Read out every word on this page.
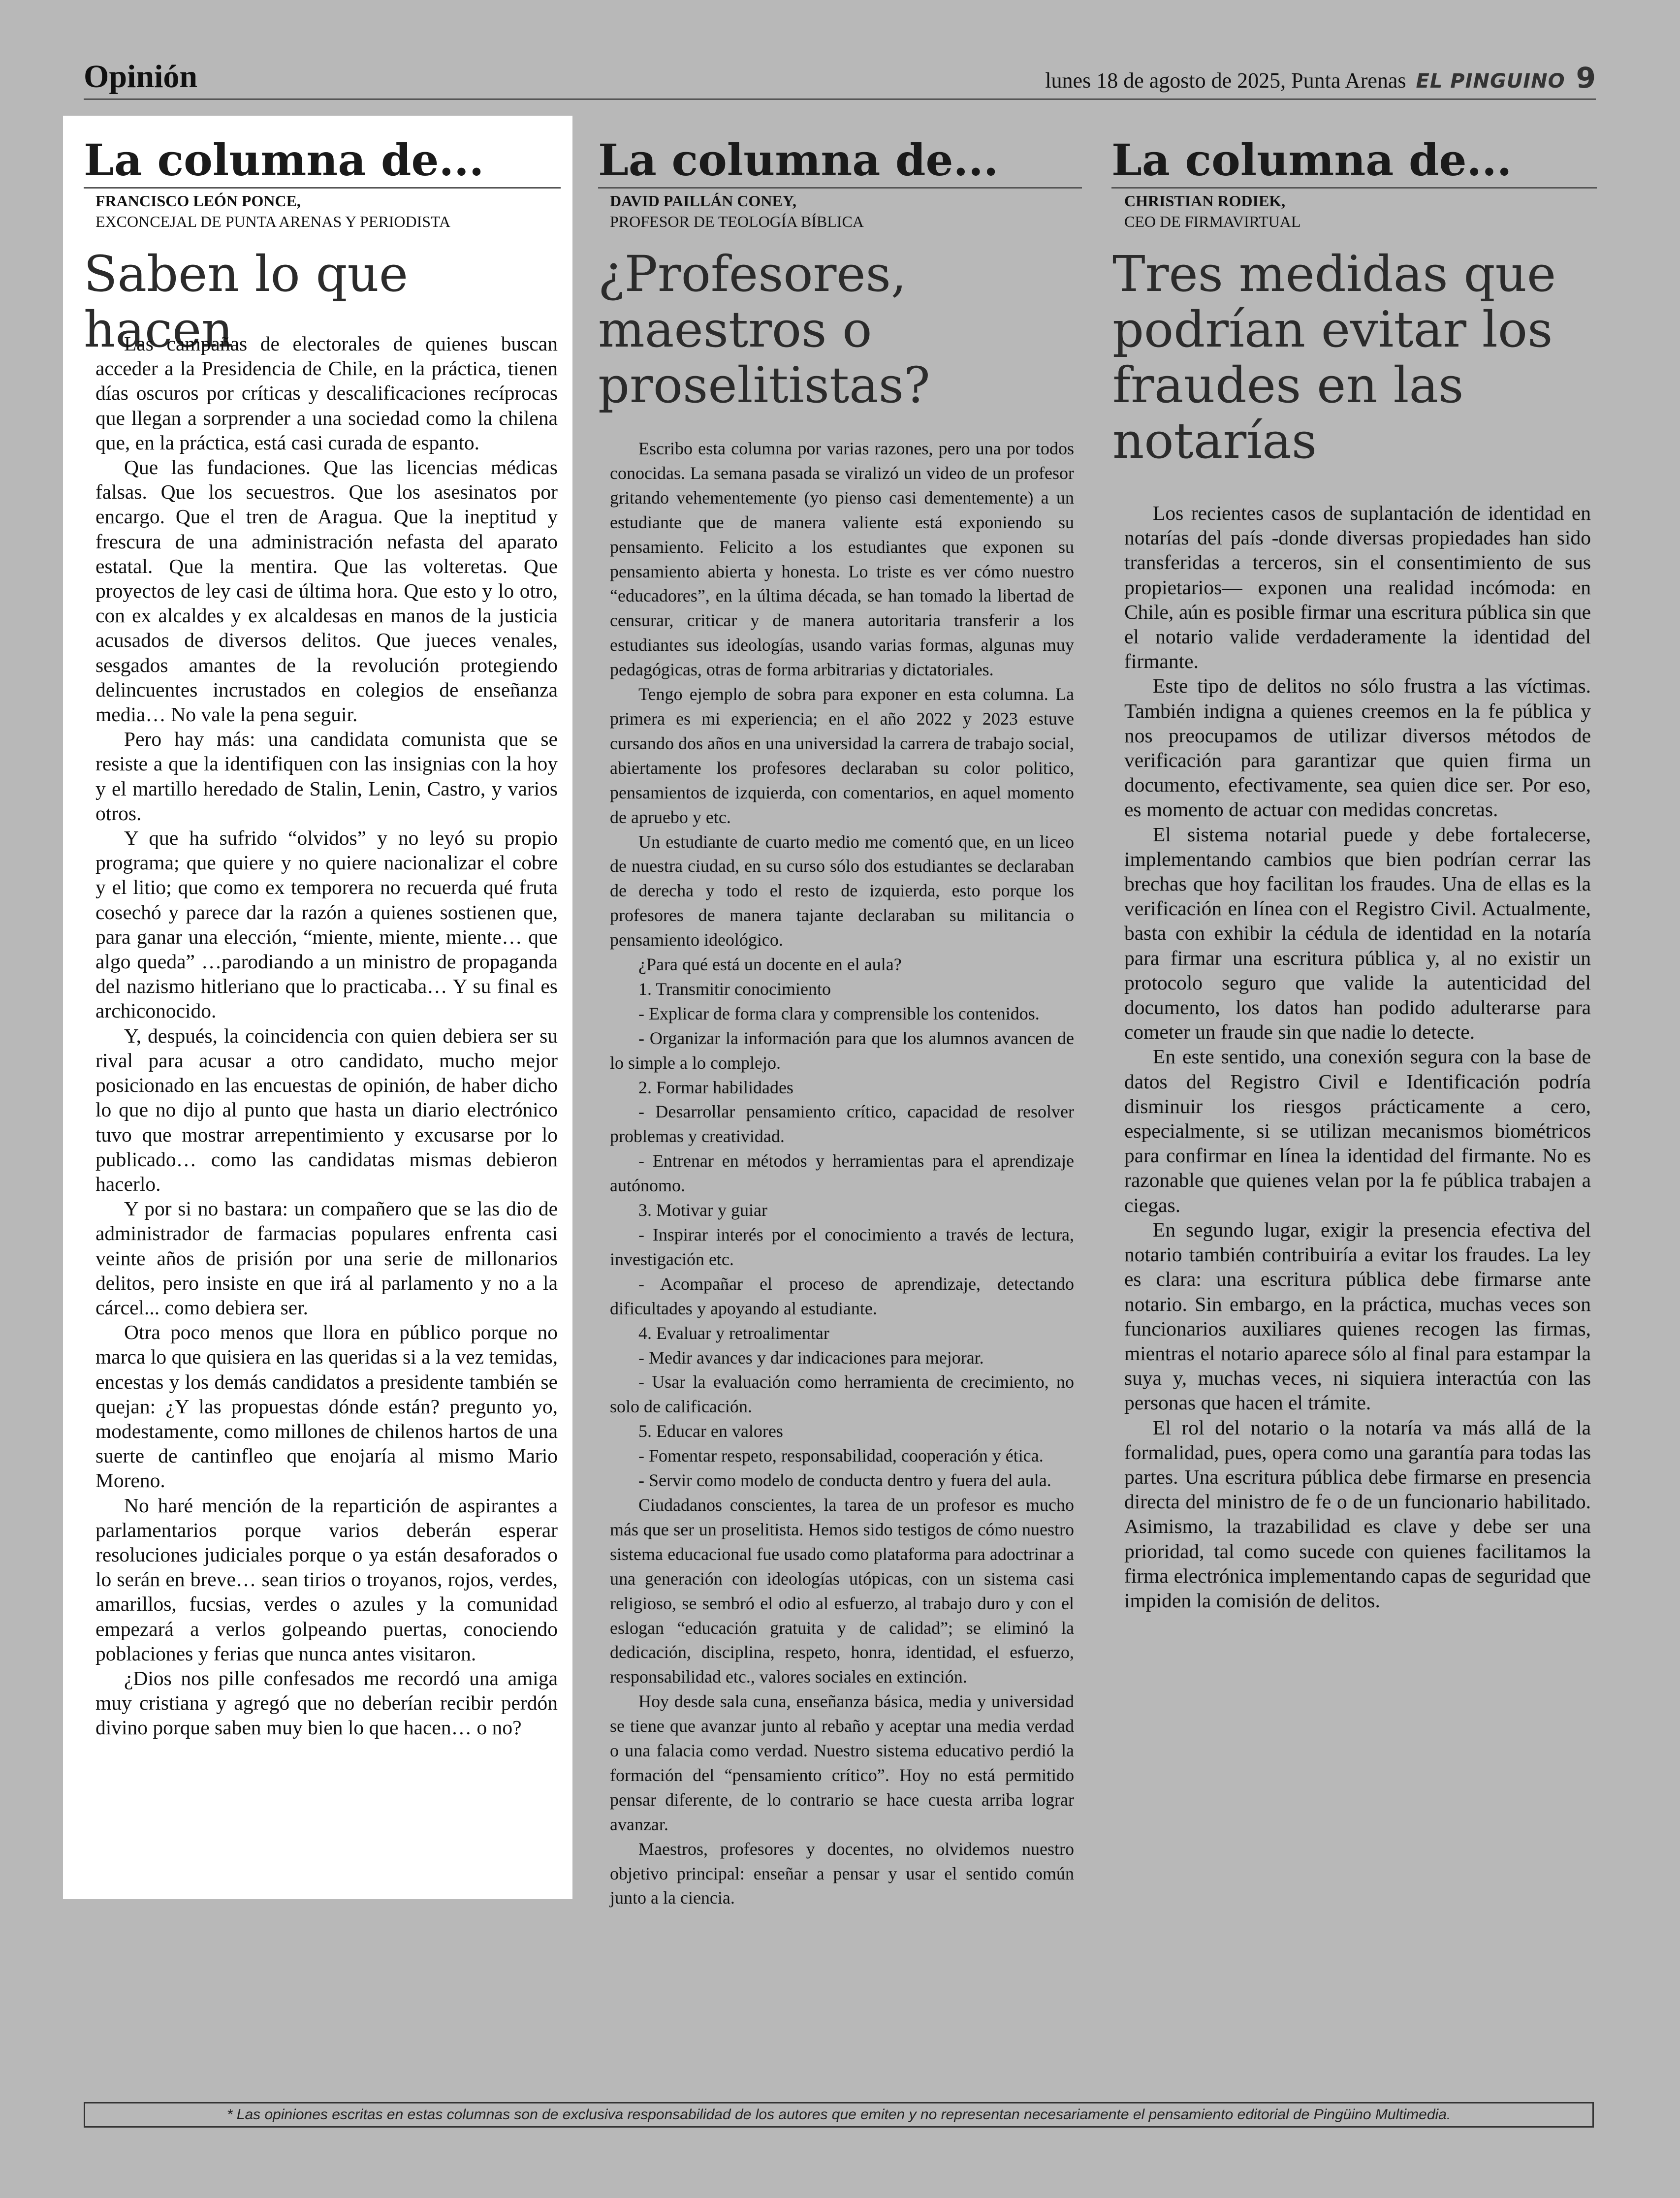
Opinión	lunes 18 de agosto de 2025, Punta Arenas EL PINGUINO 9
La columna de...
FRANCISCO LEÓN PONCE,
EXCONCEJAL DE PUNTA ARENAS Y PERIODISTA
Saben lo que hacen

Las campañas de electorales de quienes buscan acceder a la Presidencia de Chile, en la práctica, tienen días oscuros por críticas y descalificaciones recíprocas que llegan a sorprender a una sociedad como la chilena que, en la práctica, está casi curada de espanto.

Que las fundaciones. Que las licencias médicas falsas. Que los secuestros. Que los asesinatos por encargo. Que el tren de Aragua. Que la ineptitud y frescura de una administración nefasta del aparato estatal. Que la mentira. Que las volteretas. Que proyectos de ley casi de última hora. Que esto y lo otro, con ex alcaldes y ex alcaldesas en manos de la justicia acusados de diversos delitos. Que jueces venales, sesgados amantes de la revolución protegiendo delincuentes incrustados en colegios de enseñanza media… No vale la pena seguir.

Pero hay más: una candidata comunista que se resiste a que la identifiquen con las insignias con la hoy y el martillo heredado de Stalin, Lenin, Castro, y varios otros.

Y que ha sufrido “olvidos” y no leyó su propio programa; que quiere y no quiere nacionalizar el cobre y el litio; que como ex temporera no recuerda qué fruta cosechó y parece dar la razón a quienes sostienen que, para ganar una elección, “miente, miente, miente… que algo queda” …parodiando a un ministro de propaganda del nazismo hitleriano que lo practicaba… Y su final es archiconocido.

Y, después, la coincidencia con quien debiera ser su rival para acusar a otro candidato, mucho mejor posicionado en las encuestas de opinión, de haber dicho lo que no dijo al punto que hasta un diario electrónico tuvo que mostrar arrepentimiento y excusarse por lo publicado… como las candidatas mismas debieron hacerlo.

Y por si no bastara: un compañero que se las dio de administrador de farmacias populares enfrenta casi veinte años de prisión por una serie de millonarios delitos, pero insiste en que irá al parlamento y no a la cárcel... como debiera ser.

Otra poco menos que llora en público porque no marca lo que quisiera en las queridas si a la vez temidas, encestas y los demás candidatos a presidente también se quejan: ¿Y las propuestas dónde están? pregunto yo, modestamente, como millones de chilenos hartos de una suerte de cantinfleo que enojaría al mismo Mario Moreno.

No haré mención de la repartición de aspirantes a parlamentarios porque varios deberán esperar resoluciones judiciales porque o ya están desaforados o lo serán en breve… sean tirios o troyanos, rojos, verdes, amarillos, fucsias, verdes o azules y la comunidad empezará a verlos golpeando puertas, conociendo poblaciones y ferias que nunca antes visitaron.

¿Dios nos pille confesados me recordó una amiga muy cristiana y agregó que no deberían recibir perdón divino porque saben muy bien lo que hacen… o no?

La columna de...
DAVID PAILLÁN CONEY,
PROFESOR DE TEOLOGÍA BÍBLICA
¿Profesores, maestros o proselitistas?

Escribo esta columna por varias razones, pero una por todos conocidas. La semana pasada se viralizó un video de un profesor gritando vehementemente (yo pienso casi dementemente) a un estudiante que de manera valiente está exponiendo su pensamiento. Felicito a los estudiantes que exponen su pensamiento abierta y honesta. Lo triste es ver cómo nuestro “educadores”, en la última década, se han tomado la libertad de censurar, criticar y de manera autoritaria transferir a los estudiantes sus ideologías, usando varias formas, algunas muy pedagógicas, otras de forma arbitrarias y dictatoriales.

Tengo ejemplo de sobra para exponer en esta columna. La primera es mi experiencia; en el año 2022 y 2023 estuve cursando dos años en una universidad la carrera de trabajo social, abiertamente los profesores declaraban su color politico, pensamientos de izquierda, con comentarios, en aquel momento de apruebo y etc.

Un estudiante de cuarto medio me comentó que, en un liceo de nuestra ciudad, en su curso sólo dos estudiantes se declaraban de derecha y todo el resto de izquierda, esto porque los profesores de manera tajante declaraban su militancia o pensamiento ideológico.

¿Para qué está un docente en el aula?

1. Transmitir conocimiento

- Explicar de forma clara y comprensible los contenidos.

- Organizar la información para que los alumnos avancen de lo simple a lo complejo.

2. Formar habilidades

- Desarrollar pensamiento crítico, capacidad de resolver problemas y creatividad.

- Entrenar en métodos y herramientas para el aprendizaje autónomo.

3. Motivar y guiar

- Inspirar interés por el conocimiento a través de lectura, investigación etc.

- Acompañar el proceso de aprendizaje, detectando dificultades y apoyando al estudiante.

4. Evaluar y retroalimentar

- Medir avances y dar indicaciones para mejorar.

- Usar la evaluación como herramienta de crecimiento, no solo de calificación.

5. Educar en valores

- Fomentar respeto, responsabilidad, cooperación y ética.

- Servir como modelo de conducta dentro y fuera del aula.

Ciudadanos conscientes, la tarea de un profesor es mucho más que ser un proselitista. Hemos sido testigos de cómo nuestro sistema educacional fue usado como plataforma para adoctrinar a una generación con ideologías utópicas, con un sistema casi religioso, se sembró el odio al esfuerzo, al trabajo duro y con el eslogan “educación gratuita y de calidad”; se eliminó la dedicación, disciplina, respeto, honra, identidad, el esfuerzo, responsabilidad etc., valores sociales en extinción.

Hoy desde sala cuna, enseñanza básica, media y universidad se tiene que avanzar junto al rebaño y aceptar una media verdad o una falacia como verdad. Nuestro sistema educativo perdió la formación del “pensamiento crítico”. Hoy no está permitido pensar diferente, de lo contrario se hace cuesta arriba lograr avanzar.

Maestros, profesores y docentes, no olvidemos nuestro objetivo principal: enseñar a pensar y usar el sentido común junto a la ciencia.

La columna de...
CHRISTIAN RODIEK,
CEO DE FIRMAVIRTUAL
Tres medidas que podrían evitar los fraudes en las notarías

Los recientes casos de suplantación de identidad en notarías del país -donde diversas propiedades han sido transferidas a terceros, sin el consentimiento de sus propietarios— exponen una realidad incómoda: en Chile, aún es posible firmar una escritura pública sin que el notario valide verdaderamente la identidad del firmante.

Este tipo de delitos no sólo frustra a las víctimas. También indigna a quienes creemos en la fe pública y nos preocupamos de utilizar diversos métodos de verificación para garantizar que quien firma un documento, efectivamente, sea quien dice ser. Por eso, es momento de actuar con medidas concretas.

El sistema notarial puede y debe fortalecerse, implementando cambios que bien podrían cerrar las brechas que hoy facilitan los fraudes. Una de ellas es la verificación en línea con el Registro Civil. Actualmente, basta con exhibir la cédula de identidad en la notaría para firmar una escritura pública y, al no existir un protocolo seguro que valide la autenticidad del documento, los datos han podido adulterarse para cometer un fraude sin que nadie lo detecte.

En este sentido, una conexión segura con la base de datos del Registro Civil e Identificación podría disminuir los riesgos prácticamente a cero, especialmente, si se utilizan mecanismos biométricos para confirmar en línea la identidad del firmante. No es razonable que quienes velan por la fe pública trabajen a ciegas.

En segundo lugar, exigir la presencia efectiva del notario también contribuiría a evitar los fraudes. La ley es clara: una escritura pública debe firmarse ante notario. Sin embargo, en la práctica, muchas veces son funcionarios auxiliares quienes recogen las firmas, mientras el notario aparece sólo al final para estampar la suya y, muchas veces, ni siquiera interactúa con las personas que hacen el trámite.

El rol del notario o la notaría va más allá de la formalidad, pues, opera como una garantía para todas las partes. Una escritura pública debe firmarse en presencia directa del ministro de fe o de un funcionario habilitado. Asimismo, la trazabilidad es clave y debe ser una prioridad, tal como sucede con quienes facilitamos la firma electrónica implementando capas de seguridad que impiden la comisión de delitos.

* Las opiniones escritas en estas columnas son de exclusiva responsabilidad de los autores que emiten y no representan necesariamente el pensamiento editorial de Pingüino Multimedia.
